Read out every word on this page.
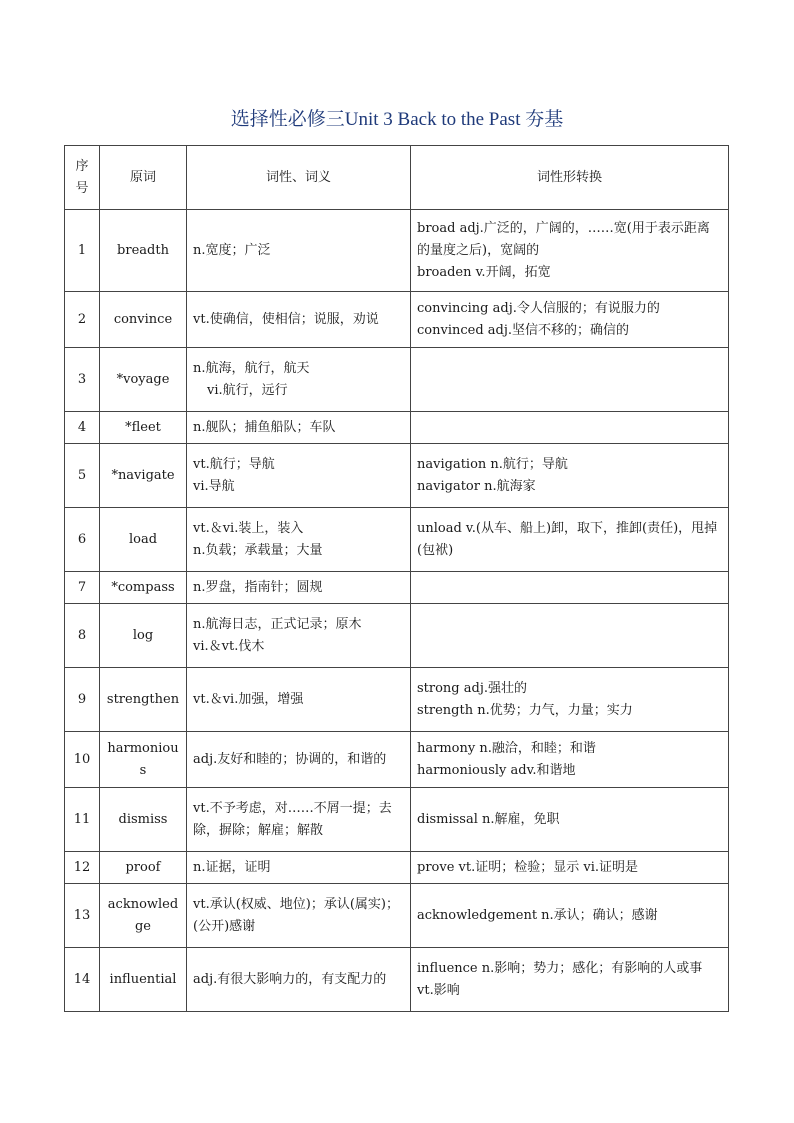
选择性必修三Unit 3 Back to the Past 夯基
序号	原词	词性、词义	词性形转换
1	breadth	n.宽度；广泛	broad adj.广泛的，广阔的，……宽(用于表示距离的量度之后)，宽阔的
broaden v.开阔，拓宽

2	convince	vt.使确信，使相信；说服，劝说	convincing adj.令人信服的；有说服力的
convinced adj.坚信不移的；确信的

3	*voyage	n.航海，航行，航天
vi.航行，远行	

4	*fleet	n.舰队；捕鱼船队；车队	

5	*navigate	vt.航行；导航
vi.导航	navigation n.航行；导航
navigator n.航海家

6	load	vt.＆vi.装上，装入
n.负载；承载量；大量	unload v.(从车、船上)卸，取下，推卸(责任)，甩掉(包袱)

7	*compass	n.罗盘，指南针；圆规	

8	log	n.航海日志，正式记录；原木
vi.＆vt.伐木	

9	strengthen	vt.＆vi.加强，增强	strong adj.强壮的
strength n.优势；力气，力量；实力

10	harmonious	adj.友好和睦的；协调的，和谐的	harmony n.融洽，和睦；和谐
harmoniously adv.和谐地

11	dismiss	vt.不予考虑，对……不屑一提；去除，摒除；解雇；解散	dismissal n.解雇，免职

12	proof	n.证据，证明	prove vt.证明；检验；显示 vi.证明是

13	acknowledge	vt.承认(权威、地位)；承认(属实)；(公开)感谢	acknowledgement n.承认；确认；感谢

14	influential	adj.有很大影响力的，有支配力的	influence n.影响；势力；感化；有影响的人或事
vt.影响
